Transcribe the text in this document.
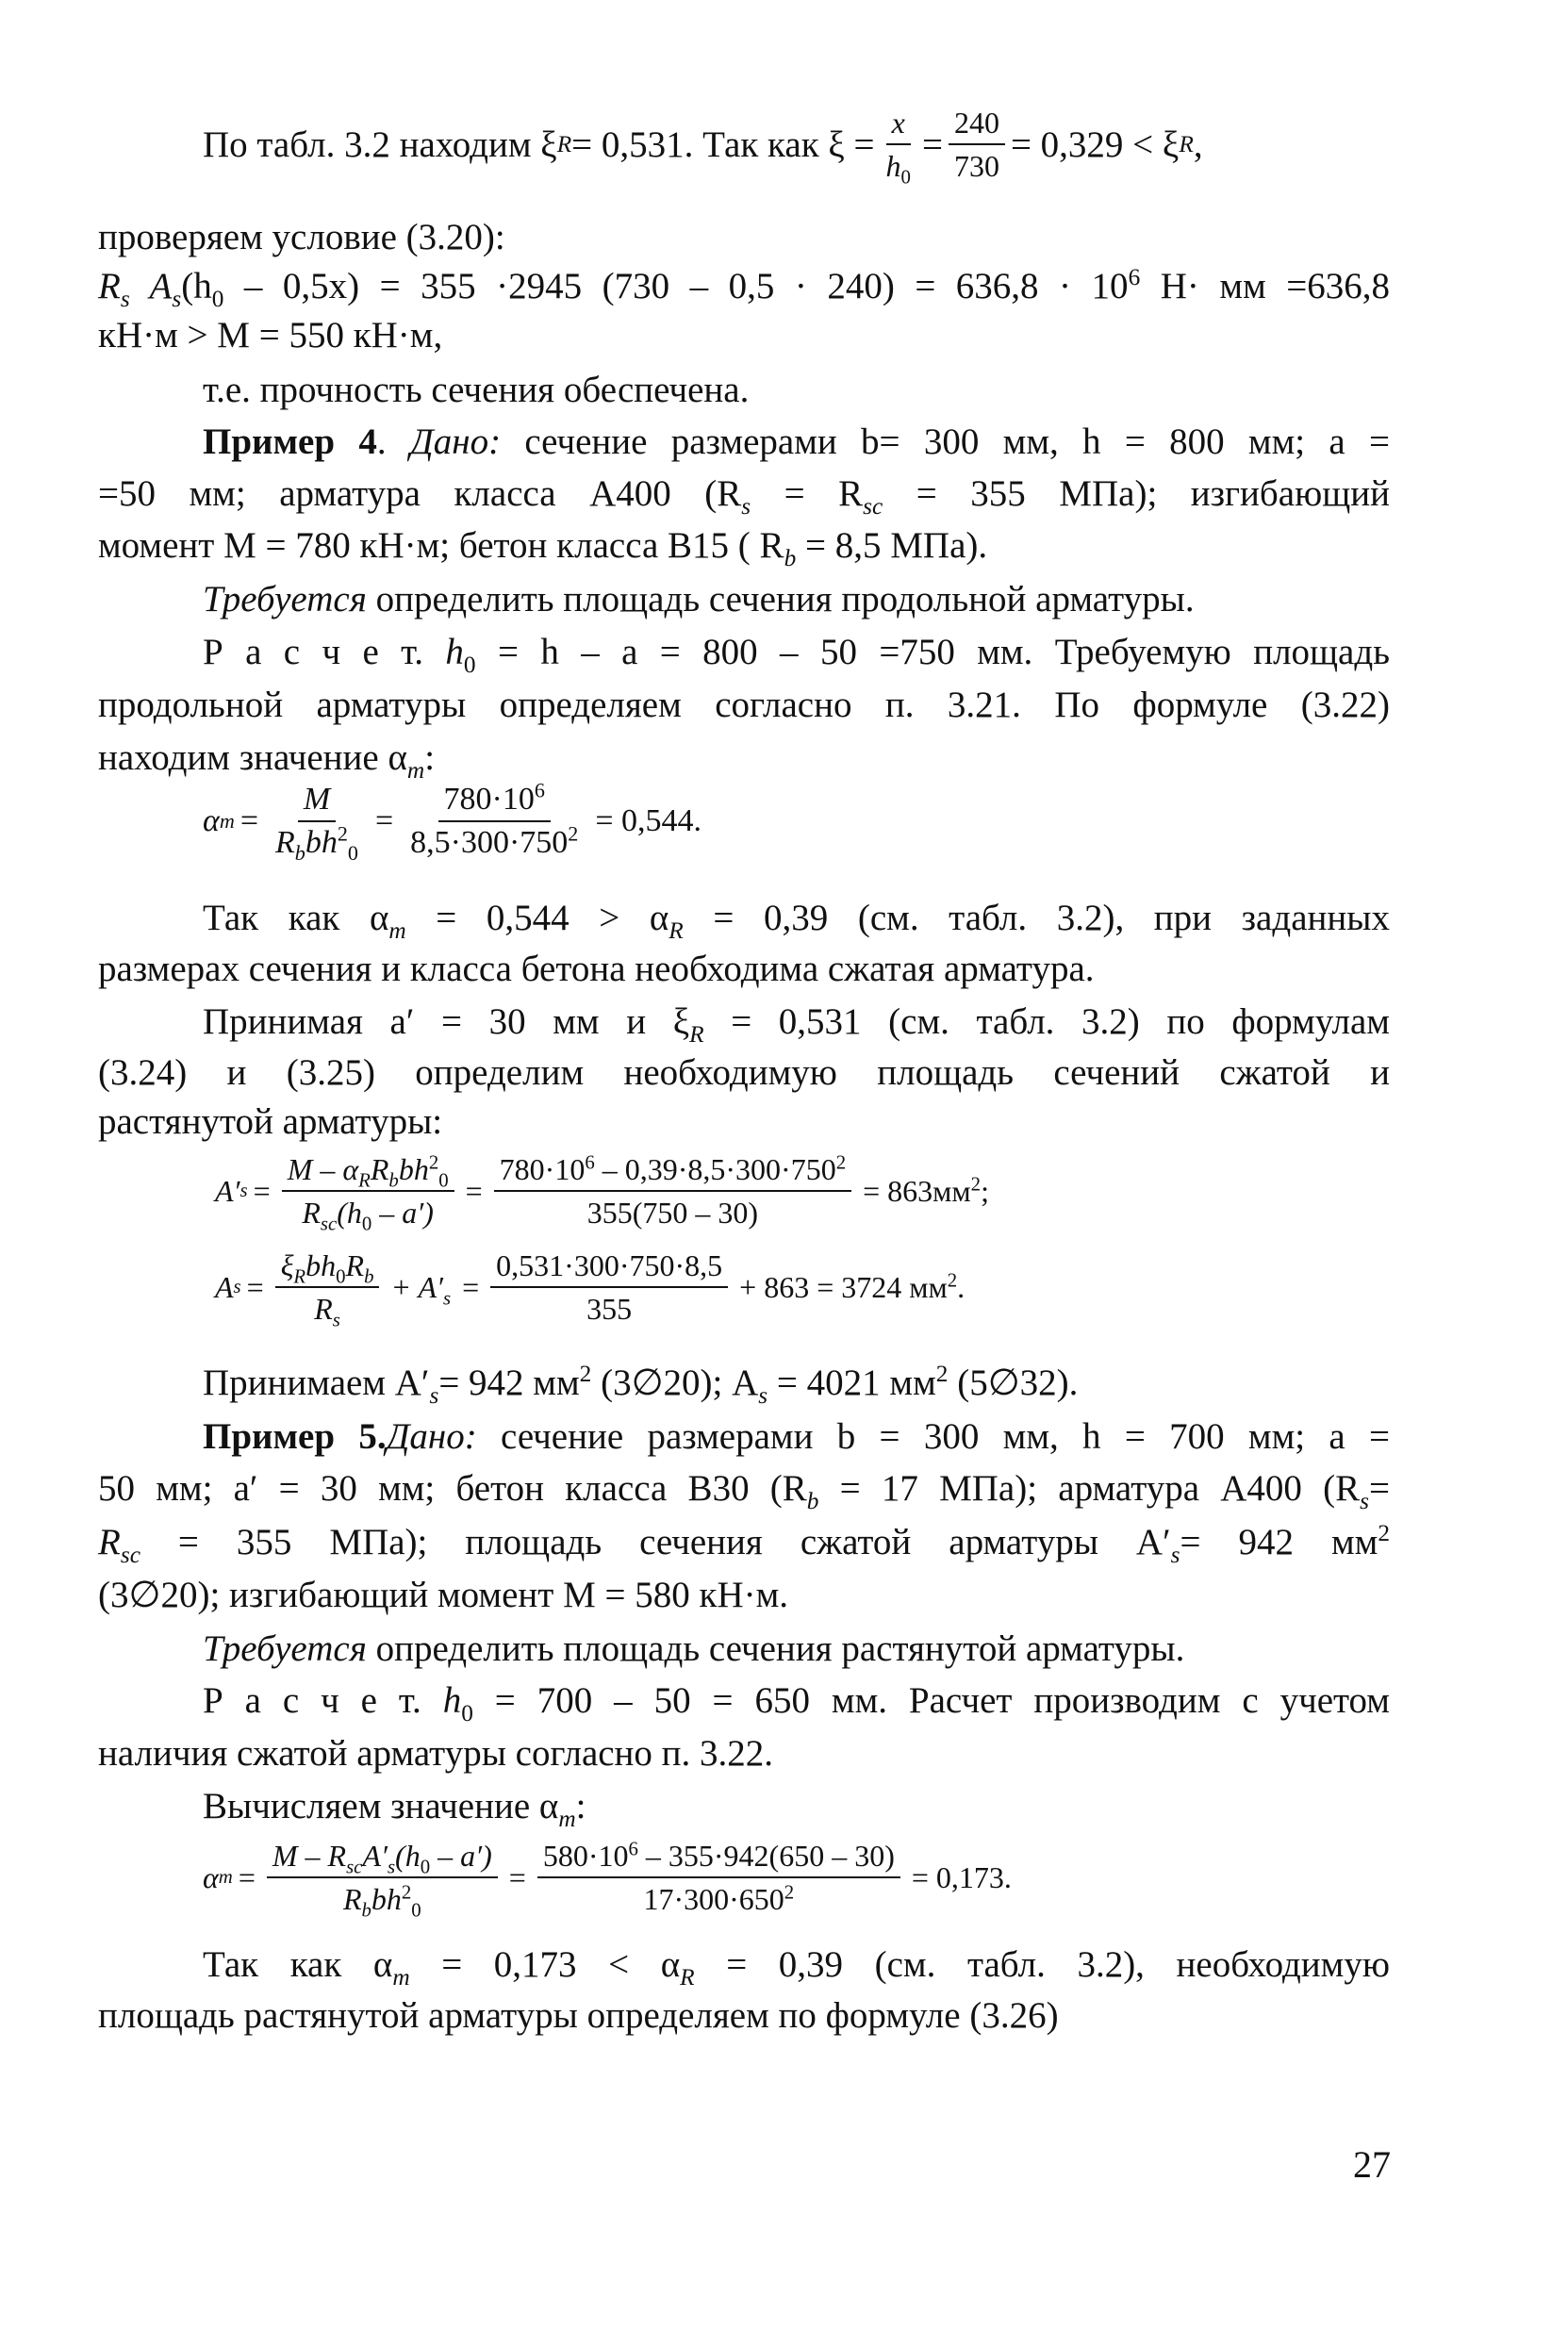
По табл. 3.2 находим ξ R = 0,531. Так как $\xi = \frac{x}{h_0} = \frac{240}{730} = 0,329 < \xi$ R ,
проверяем условие (3.20):
$R_s$ $A_s(h_0 - 0,5x) = 355 \cdot 2945$ $(730 - 0,5 \cdot 240) = 636,8 \cdot 10^6$ H· мм =636,8
кН·м > М = 550 кН·м,
т.е. прочность сечения обеспечена.
Пример 4. Дано: сечение размерами b= 300 мм, h = 800 мм; a =
=50 мм; арматура класса А400 ($R_s = R_{sc} = 355$ МПа); изгибающий
момент М = 780 кН·м; бетон класса В15 ( $R_b = 8,5$ МПа).
Требуется определить площадь сечения продольной арматуры.
Р а с ч е т. $h_0 = h - a = 800 - 50 =750$ мм. Требуемую площадь
продольной арматуры определяем согласно п. 3.21. По формуле (3.22)
находим значение $\alpha_m$:
α $m = \frac{M}{R_bbh^2_0} = \frac{780\cdot 10^6}{8,5\cdot 300\cdot 750^2} = 0,544$.
Так как $\alpha_m = 0,544 > \alpha_R = 0,39$ (см. табл. 3.2), при заданных
размерах сечения и класса бетона необходима сжатая арматура.
Принимая a′ = 30 мм и $\xi_R = 0,531$ (см. табл. 3.2) по формулам
(3.24) и (3.25) определим необходимую площадь сечений сжатой и
растянутой арматуры:
A′ $s = \frac{M - \alpha_RR_bbh^2_0}{R_{sc}(h_0 - a')} = \frac{780\cdot 10^6 - 0,39\cdot 8,5\cdot 300\cdot 750^2}{355(750 - 30)} = 863мм^2$;
A $s = \frac{\xi_Rbh_0R_b}{R_s} + A'_s = \frac{0,531\cdot 300\cdot 750\cdot 8,5}{355} + 863 = 3724$ $мм^2$.
Принимаем $A'_s= 942$ $мм^2$ (3∅20); $A_s = 4021$ $мм^2$ (5∅32).
Пример 5.Дано: сечение размерами b = 300 мм, h = 700 мм; a =
50 мм; a′ = 30 мм; бетон класса В30 ($R_b = 17$ МПа); арматура А400 ($R_s=$
$R_{sc} = 355$ МПа); площадь сечения сжатой арматуры $A'_s= 942$ $мм^2$
(3∅20); изгибающий момент М = 580 кН·м.
Требуется определить площадь сечения растянутой арматуры.
Р а с ч е т. $h_0 = 700 - 50 = 650$ мм. Расчет производим с учетом
наличия сжатой арматуры согласно п. 3.22.
Вычисляем значение $\alpha_m$:
α $m = \frac{M - R_{sc}A'_s(h_0 - a')}{R_bbh^2_0} = \frac{580\cdot 10^6 - 355\cdot 942(650 - 30)}{17\cdot 300\cdot 650^2} = 0,173$.
Так как $\alpha_m = 0,173 < \alpha_R = 0,39$ (см. табл. 3.2), необходимую
площадь растянутой арматуры определяем по формуле (3.26)
27
